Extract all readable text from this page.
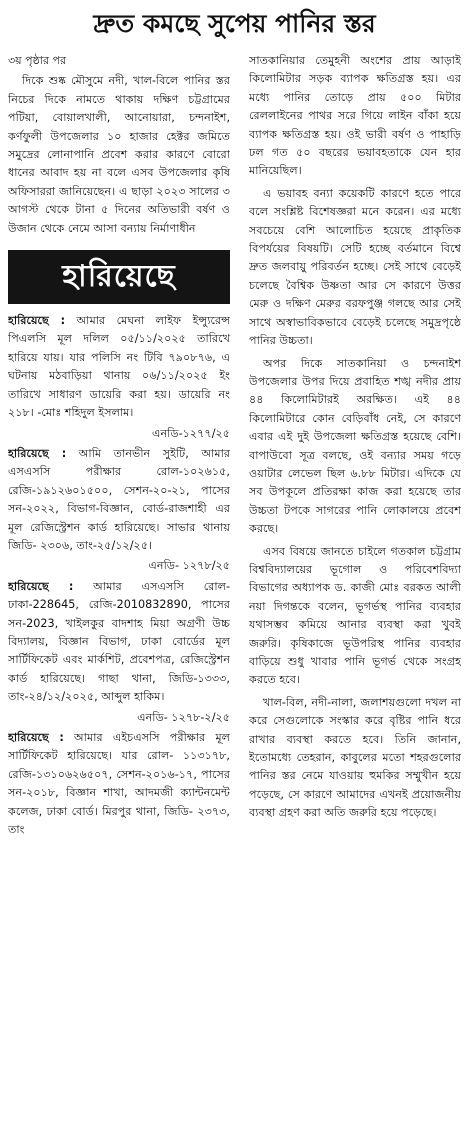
দ্রুত কমছে সুপেয় পানির স্তর

৩য় পৃষ্ঠার পর

দিকে শুষ্ক মৌসুমে নদী, খাল-বিলে পানির স্তর নিচের দিকে নামতে থাকায় দক্ষিণ চট্টগ্রামের পটিয়া, বোয়ালখালী, আনোয়ারা, চন্দনাইশ, কর্ণফুলী উপজেলার ১০ হাজার হেক্টর জমিতে সমুদ্রের লোনাপানি প্রবেশ করার কারণে বোরো ধানের আবাদ হয় না বলে এসব উপজেলার কৃষি অফিসাররা জানিয়েছেন। এ ছাড়া ২০২৩ সালের ৩ আগস্ট থেকে টানা ৫ দিনের অতিভারী বর্ষণ ও উজান থেকে নেমে আসা বন্যায় নির্মাণাধীন

হারিয়েছে

হারিয়েছে : আমার মেঘনা লাইফ ইন্স্যুরেন্স পিএলসি মূল দলিল ০৫/১১/২০২৫ তারিখে হারিয়ে যায়। যার পলিসি নং টিবি ৭৯০৮৭৬, এ ঘটনায় মঠবাড়িয়া থানায় ০৬/১১/২০২৫ ইং তারিখে সাধারণ ডায়েরি করা হয়। ডায়েরি নং ২১৮। -মোঃ শহিদুল ইসলাম।

এনডি-১২৭৭/২৫

হারিয়েছে : আমি তানভীন সুইটি, আমার এসএসসি পরীক্ষার রোল-১০২৬১৫, রেজি-১৯১২৬০১৫০০, সেশন-২০-২১, পাসের সন-২০২২, বিভাগ-বিজ্ঞান, বোর্ড-রাজশাহী এর মূল রেজিস্ট্রেশন কার্ড হারিয়েছে। সাভার থানায় জিডি- ২৩০৬, তাং-২৫/১২/২৫।

এনডি- ১২৭৮/২৫

হারিয়েছে : আমার এসএসসি রোল-ঢাকা-228645, রেজি-2010832890, পাসের সন-2023, খাইলকুর বাদশাহ মিয়া অগ্রণী উচ্চ বিদ্যালয়, বিজ্ঞান বিভাগ, ঢাকা বোর্ডের মূল সার্টিফিকেট এবং মার্কশিট, প্রবেশপত্র, রেজিস্ট্রেশন কার্ড হারিয়েছে। গাছা থানা, জিডি-১৩৩৩, তাং-২৪/১২/২০২৫, আব্দুল হাকিম।

এনডি- ১২৭৮-২/২৫

হারিয়েছে : আমার এইচএসসি পরীক্ষার মূল সার্টিফিকেট হারিয়েছে। যার রোল- ১১৩১৭৮, রেজি-১৩১০৬২৬৫০৭, সেশন-২০১৬-১৭, পাসের সন-২০১৮, বিজ্ঞান শাখা, আদমজী ক্যান্টনমেন্ট কলেজ, ঢাকা বোর্ড। মিরপুর থানা, জিডি- ২৩৭৩, তাং

সাতকানিয়ার তেমুহনী অংশের প্রায় আড়াই কিলোমিটার সড়ক ব্যাপক ক্ষতিগ্রস্ত হয়। এর মধ্যে পানির তোড়ে প্রায় ৫০০ মিটার রেললাইনের পাথর সরে গিয়ে লাইন বাঁকা হয়ে ব্যাপক ক্ষতিগ্রস্ত হয়। ওই ভারী বর্ষণ ও পাহাড়ি ঢল গত ৫০ বছরের ভয়াবহতাকে যেন হার মানিয়েছিল।

এ ভয়াবহ বন্যা কয়েকটি কারণে হতে পারে বলে সংশ্লিষ্ট বিশেষজ্ঞরা মনে করেন। এর মধ্যে সবচেয়ে বেশি আলোচিত হয়েছে প্রাকৃতিক বিপর্যয়ের বিষয়টি। সেটি হচ্ছে বর্তমানে বিশ্বে দ্রুত জলবায়ু পরিবর্তন হচ্ছে। সেই সাথে বেড়েই চলেছে বৈশ্বিক উষ্ণতা আর সে কারণে উত্তর মেরু ও দক্ষিণ মেরুর বরফপুঞ্জ গলছে আর সেই সাথে অস্বাভাবিকভাবে বেড়েই চলেছে সমুদ্রপৃষ্ঠে পানির উচ্চতা।

অপর দিকে সাতকানিয়া ও চন্দনাইশ উপজেলার উপর দিয়ে প্রবাহিত শঙ্খ নদীর প্রায় ৪৪ কিলোমিটারই অরক্ষিত। এই ৪৪ কিলোমিটারে কোন বেড়িবাঁধ নেই, সে কারণে এবার এই দুই উপজেলা ক্ষতিগ্রস্ত হয়েছে বেশি। বাপাউবো সূত্র বলছে, ওই বন্যার সময় গড়ে ওয়াটার লেভেল ছিল ৬.৮৮ মিটার। এদিকে যে সব উপকূলে প্রতিরক্ষা কাজ করা হয়েছে তার উচ্চতা টপকে সাগরের পানি লোকালয়ে প্রবেশ করছে।

এসব বিষয়ে জানতে চাইলে গতকাল চট্টগ্রাম বিশ্ববিদ্যালয়ের ভূগোল ও পরিবেশবিদ্যা বিভাগের অধ্যাপক ড. কাজী মোঃ বরকত আলী নয়া দিগন্তকে বলেন, ভূগর্ভস্থ পানির ব্যবহার যথাসম্ভব কমিয়ে আনার ব্যবস্থা করা খুবই জরুরি। কৃষিকাজে ভূউপরিস্থ পানির ব্যবহার বাড়িয়ে শুধু খাবার পানি ভূগর্ভ থেকে সংগ্রহ করতে হবে।

খাল-বিল, নদী-নালা, জলাশয়গুলো দখল না করে সেগুলোকে সংস্কার করে বৃষ্টির পানি ধরে রাখার ব্যবস্থা করতে হবে। তিনি জানান, ইতোমধ্যে তেহরান, কাবুলের মতো শহরগুলোর পানির স্তর নেমে যাওয়ায় হুমকির সম্মুখীন হয়ে পড়েছে, সে কারণে আমাদের এখনই প্রয়োজনীয় ব্যবস্থা গ্রহণ করা অতি জরুরি হয়ে পড়েছে।
